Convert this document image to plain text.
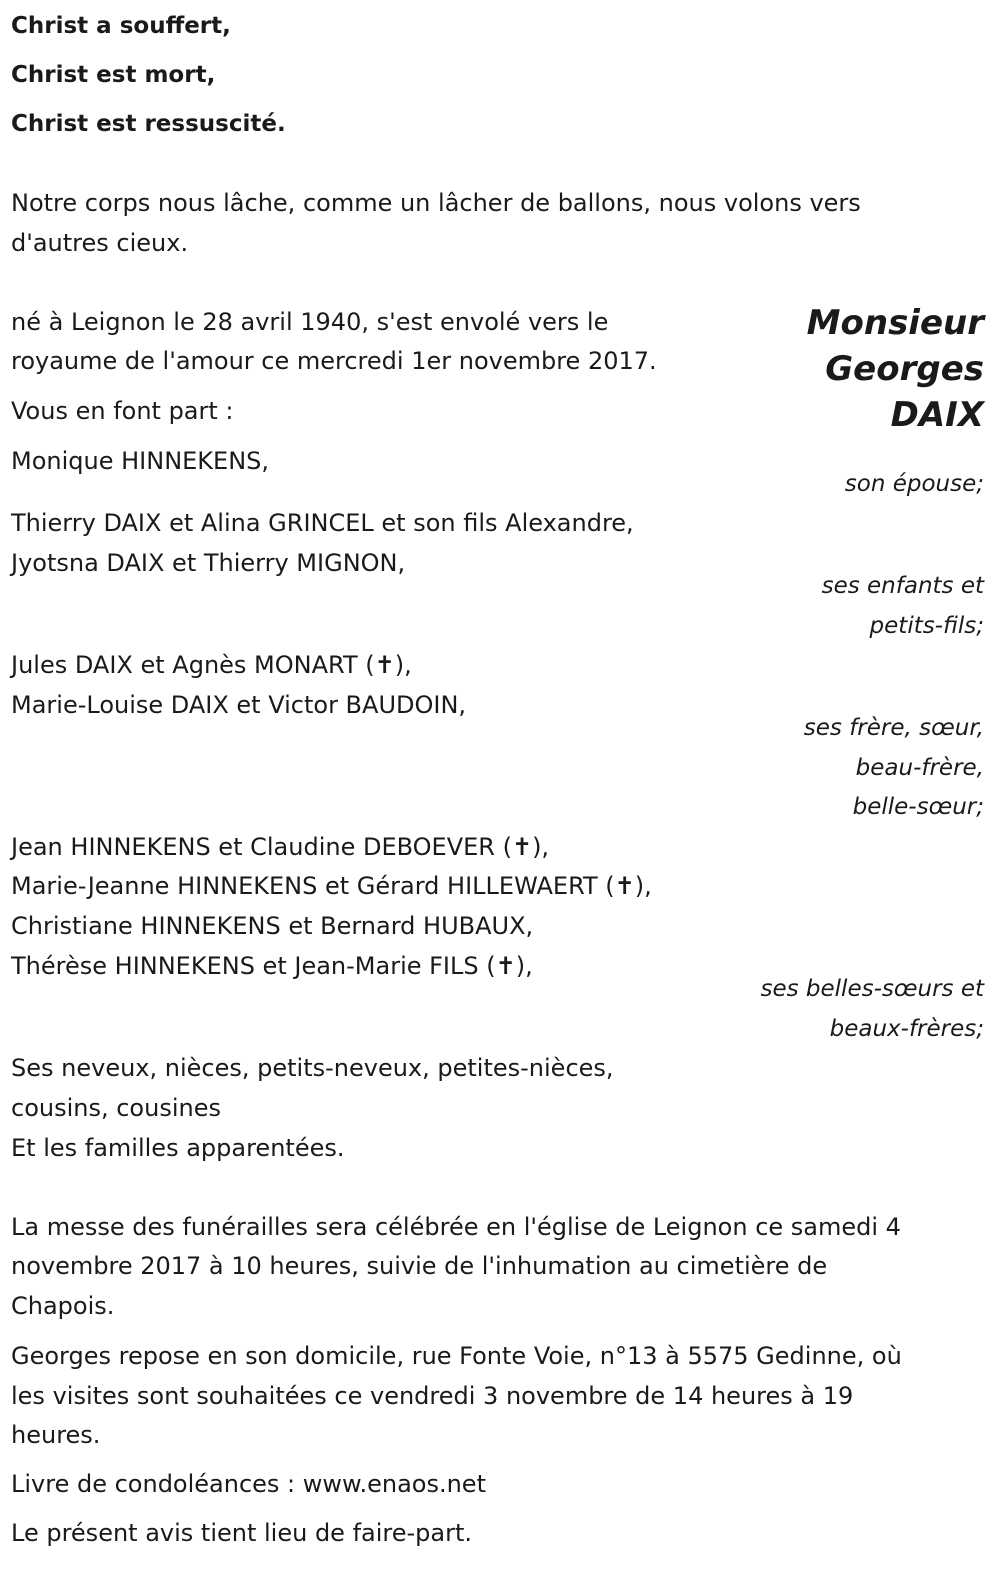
Christ a souffert,
Christ est mort,
Christ est ressuscité.
Notre corps nous lâche, comme un lâcher de ballons, nous volons vers
d'autres cieux.
Monsieur
Georges
DAIX
né à Leignon le 28 avril 1940, s'est envolé vers le
royaume de l'amour ce mercredi 1er novembre 2017.
Vous en font part :
Monique HINNEKENS,
son épouse;
Thierry DAIX et Alina GRINCEL et son fils Alexandre,
Jyotsna DAIX et Thierry MIGNON,
ses enfants et
petits-fils;
Jules DAIX et Agnès MONART (✝),
Marie-Louise DAIX et Victor BAUDOIN,
ses frère, sœur,
beau-frère,
belle-sœur;
Jean HINNEKENS et Claudine DEBOEVER (✝),
Marie-Jeanne HINNEKENS et Gérard HILLEWAERT (✝),
Christiane HINNEKENS et Bernard HUBAUX,
Thérèse HINNEKENS et Jean-Marie FILS (✝),
ses belles-sœurs et
beaux-frères;
Ses neveux, nièces, petits-neveux, petites-nièces,
cousins, cousines
Et les familles apparentées.
La messe des funérailles sera célébrée en l'église de Leignon ce samedi 4
novembre 2017 à 10 heures, suivie de l'inhumation au cimetière de
Chapois.
Georges repose en son domicile, rue Fonte Voie, n°13 à 5575 Gedinne, où
les visites sont souhaitées ce vendredi 3 novembre de 14 heures à 19
heures.
Livre de condoléances : www.enaos.net
Le présent avis tient lieu de faire-part.
